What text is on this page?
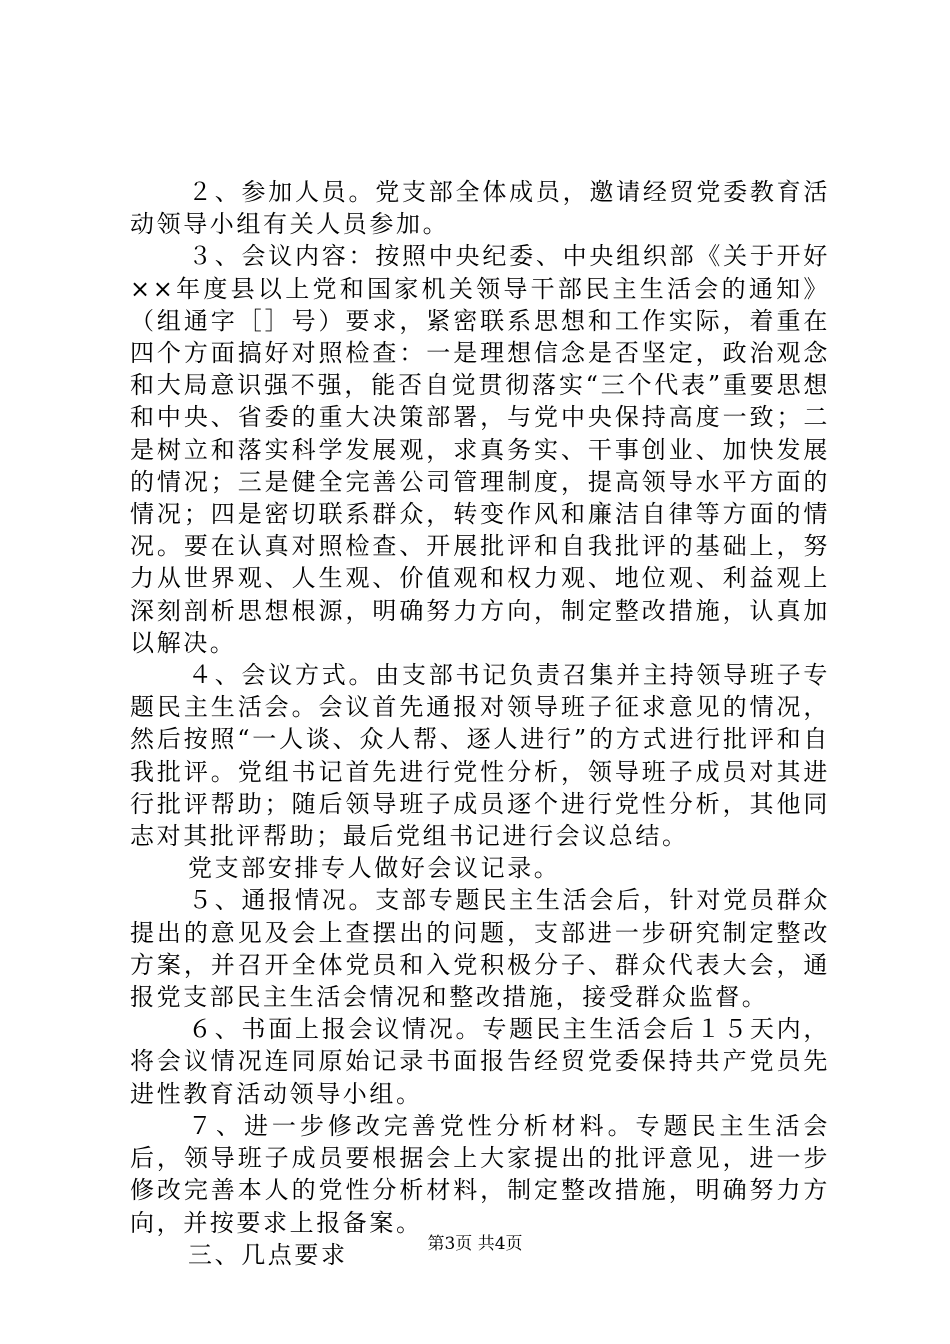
２、参加人员。党支部全体成员，邀请经贸党委教育活动领导小组有关人员参加。

３、会议内容：按照中央纪委、中央组织部《关于开好××年度县以上党和国家机关领导干部民主生活会的通知》（组通字［］号）要求，紧密联系思想和工作实际，着重在四个方面搞好对照检查：一是理想信念是否坚定，政治观念和大局意识强不强，能否自觉贯彻落实“三个代表”重要思想和中央、省委的重大决策部署，与党中央保持高度一致；二是树立和落实科学发展观，求真务实、干事创业、加快发展的情况；三是健全完善公司管理制度，提高领导水平方面的情况；四是密切联系群众，转变作风和廉洁自律等方面的情况。要在认真对照检查、开展批评和自我批评的基础上，努力从世界观、人生观、价值观和权力观、地位观、利益观上深刻剖析思想根源，明确努力方向，制定整改措施，认真加以解决。

４、会议方式。由支部书记负责召集并主持领导班子专题民主生活会。会议首先通报对领导班子征求意见的情况，然后按照“一人谈、众人帮、逐人进行”的方式进行批评和自我批评。党组书记首先进行党性分析，领导班子成员对其进行批评帮助；随后领导班子成员逐个进行党性分析，其他同志对其批评帮助；最后党组书记进行会议总结。

党支部安排专人做好会议记录。

５、通报情况。支部专题民主生活会后，针对党员群众提出的意见及会上查摆出的问题，支部进一步研究制定整改方案，并召开全体党员和入党积极分子、群众代表大会，通报党支部民主生活会情况和整改措施，接受群众监督。

６、书面上报会议情况。专题民主生活会后１５天内，将会议情况连同原始记录书面报告经贸党委保持共产党员先进性教育活动领导小组。

７、进一步修改完善党性分析材料。专题民主生活会后，领导班子成员要根据会上大家提出的批评意见，进一步修改完善本人的党性分析材料，制定整改措施，明确努力方向，并按要求上报备案。

三、几点要求	第3页 共4页
